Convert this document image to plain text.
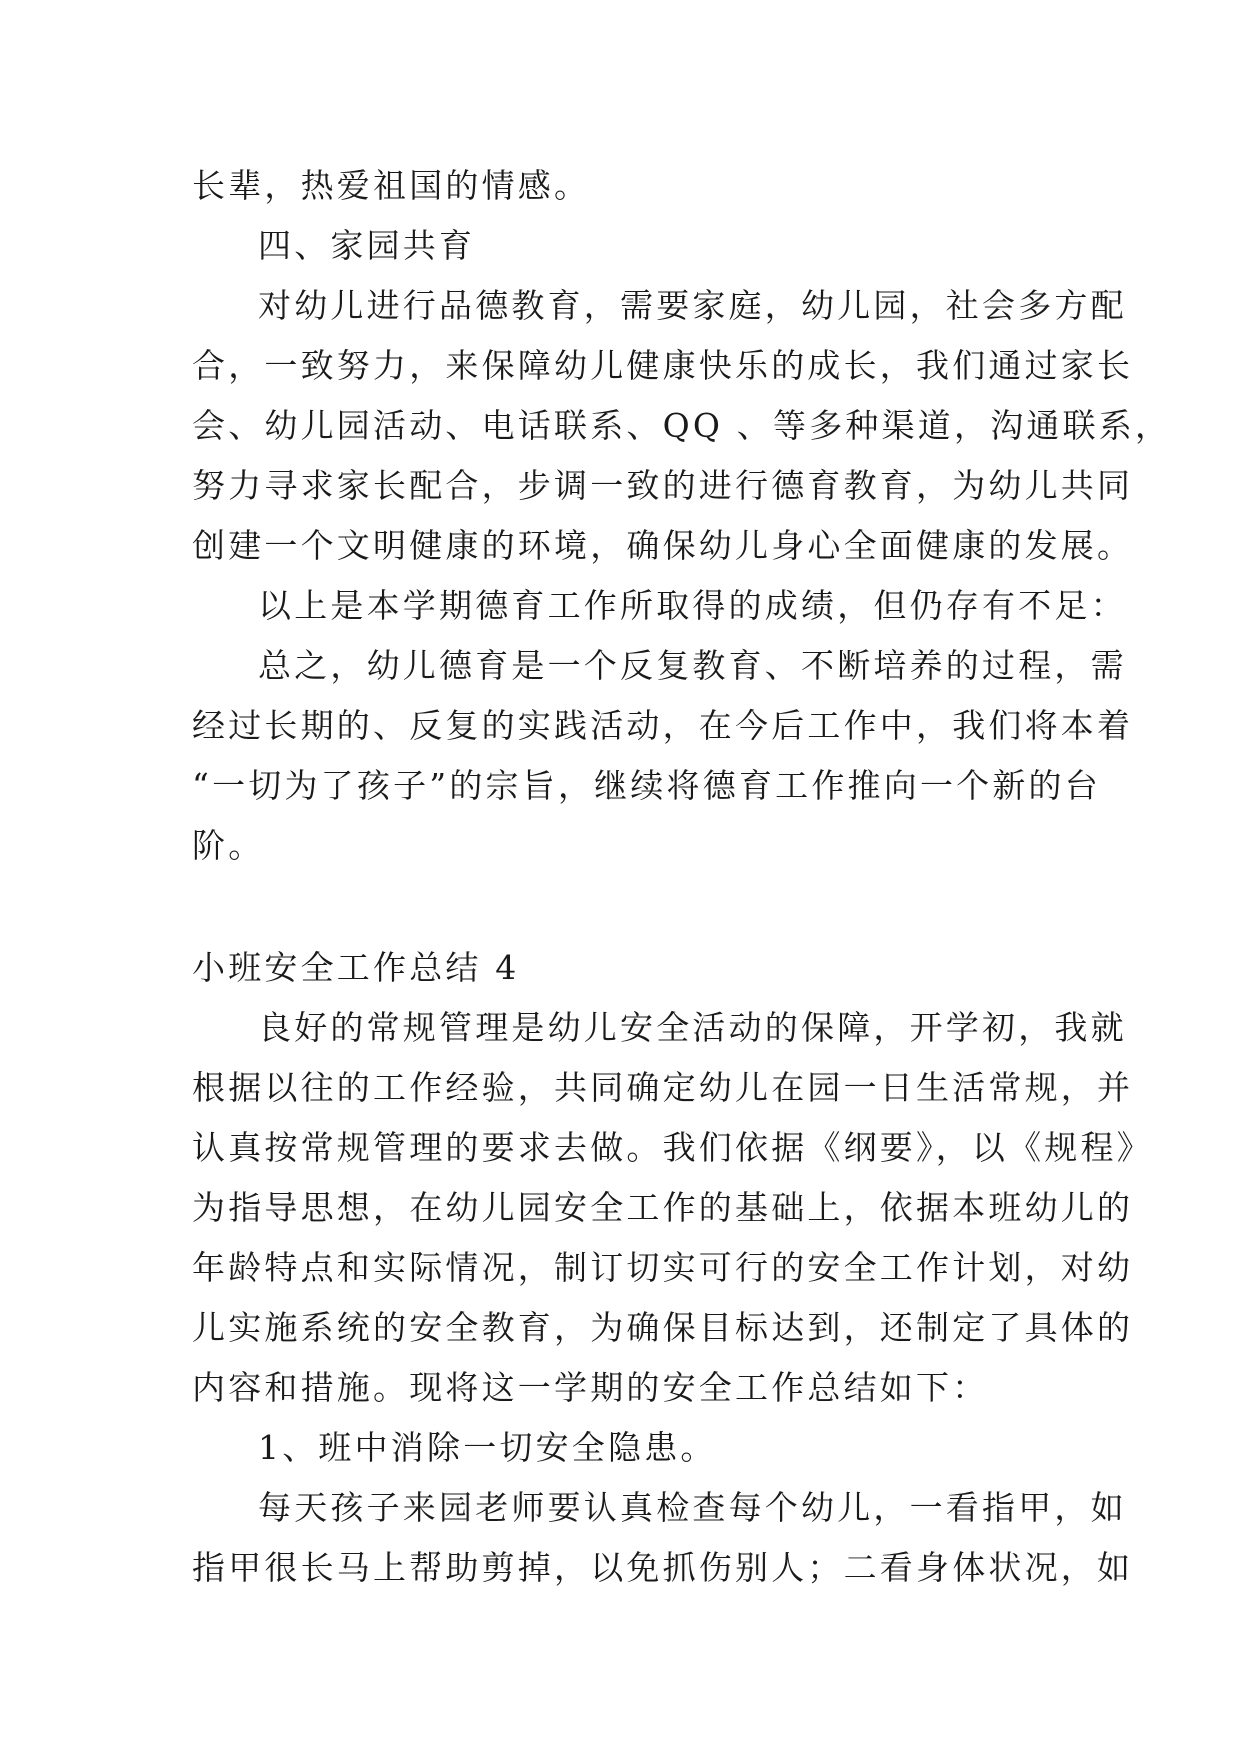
长辈，热爱祖国的情感。
四、家园共育
对幼儿进行品德教育，需要家庭，幼儿园，社会多方配
合，一致努力，来保障幼儿健康快乐的成长，我们通过家长
会、幼儿园活动、电话联系、QQ 、等多种渠道，沟通联系，
努力寻求家长配合，步调一致的进行德育教育，为幼儿共同
创建一个文明健康的环境，确保幼儿身心全面健康的发展。
以上是本学期德育工作所取得的成绩，但仍存有不足：
总之，幼儿德育是一个反复教育、不断培养的过程，需
经过长期的、反复的实践活动，在今后工作中，我们将本着
“一切为了孩子”的宗旨，继续将德育工作推向一个新的台
阶。
小班安全工作总结 4
良好的常规管理是幼儿安全活动的保障，开学初，我就
根据以往的工作经验，共同确定幼儿在园一日生活常规，并
认真按常规管理的要求去做。我们依据《纲要》，以《规程》
为指导思想，在幼儿园安全工作的基础上，依据本班幼儿的
年龄特点和实际情况，制订切实可行的安全工作计划，对幼
儿实施系统的安全教育，为确保目标达到，还制定了具体的
内容和措施。现将这一学期的安全工作总结如下：
1、班中消除一切安全隐患。
每天孩子来园老师要认真检查每个幼儿，一看指甲，如
指甲很长马上帮助剪掉，以免抓伤别人；二看身体状况，如
